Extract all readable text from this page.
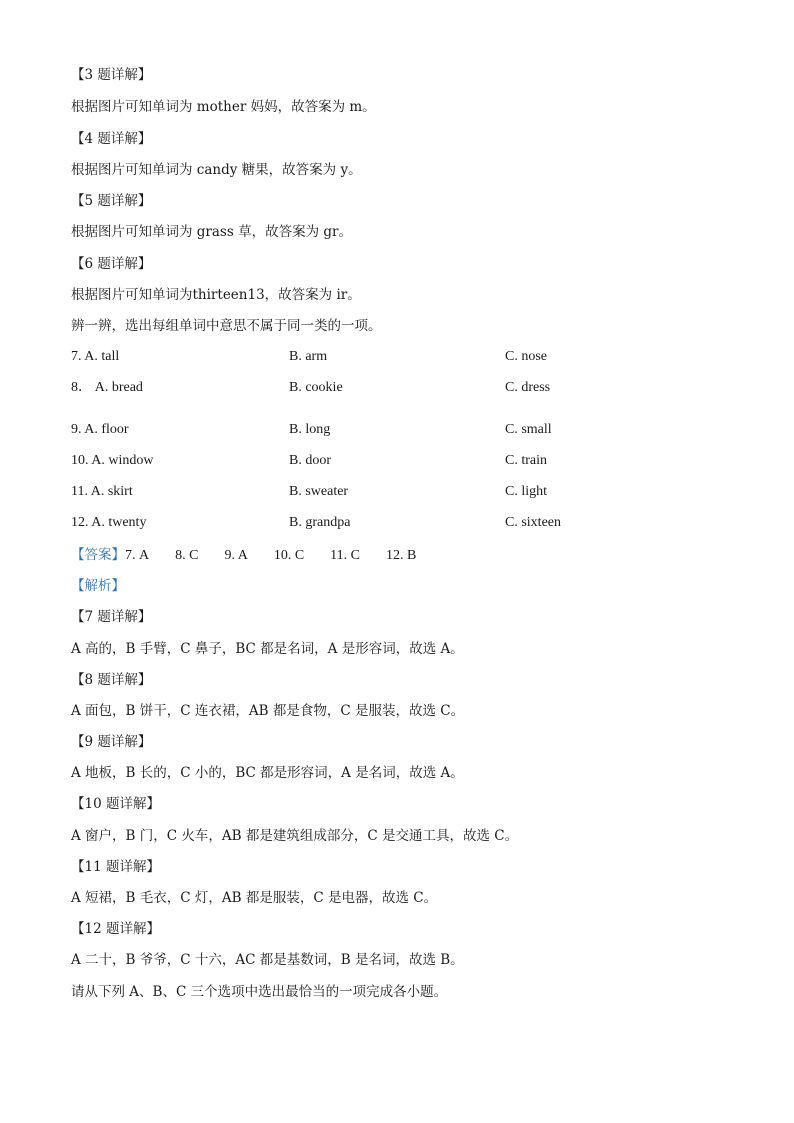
【3 题详解】
根据图片可知单词为 mother 妈妈，故答案为 m。
【4 题详解】
根据图片可知单词为 candy 糖果，故答案为 y。
【5 题详解】
根据图片可知单词为 grass 草，故答案为 gr。
【6 题详解】
根据图片可知单词为thirteen13，故答案为 ir。
辨一辨，选出每组单词中意思不属于同一类的一项。
7. A. tall	B. arm	C. nose
8． A. bread	B. cookie	C. dress
9. A. floor	B. long	C. small
10. A. window	B. door	C. train
11. A. skirt	B. sweater	C. light
12. A. twenty	B. grandpa	C. sixteen
【答案】7. A 8. C 9. A 10. C 11. C 12. B
【解析】
【7 题详解】
A 高的，B 手臂，C 鼻子，BC 都是名词，A 是形容词，故选 A。
【8 题详解】
A 面包，B 饼干，C 连衣裙，AB 都是食物，C 是服装，故选 C。
【9 题详解】
A 地板，B 长的，C 小的，BC 都是形容词，A 是名词，故选 A。
【10 题详解】
A 窗户，B 门，C 火车，AB 都是建筑组成部分，C 是交通工具，故选 C。
【11 题详解】
A 短裙，B 毛衣，C 灯，AB 都是服装，C 是电器，故选 C。
【12 题详解】
A 二十，B 爷爷，C 十六，AC 都是基数词，B 是名词，故选 B。
请从下列 A、B、C 三个选项中选出最恰当的一项完成各小题。
